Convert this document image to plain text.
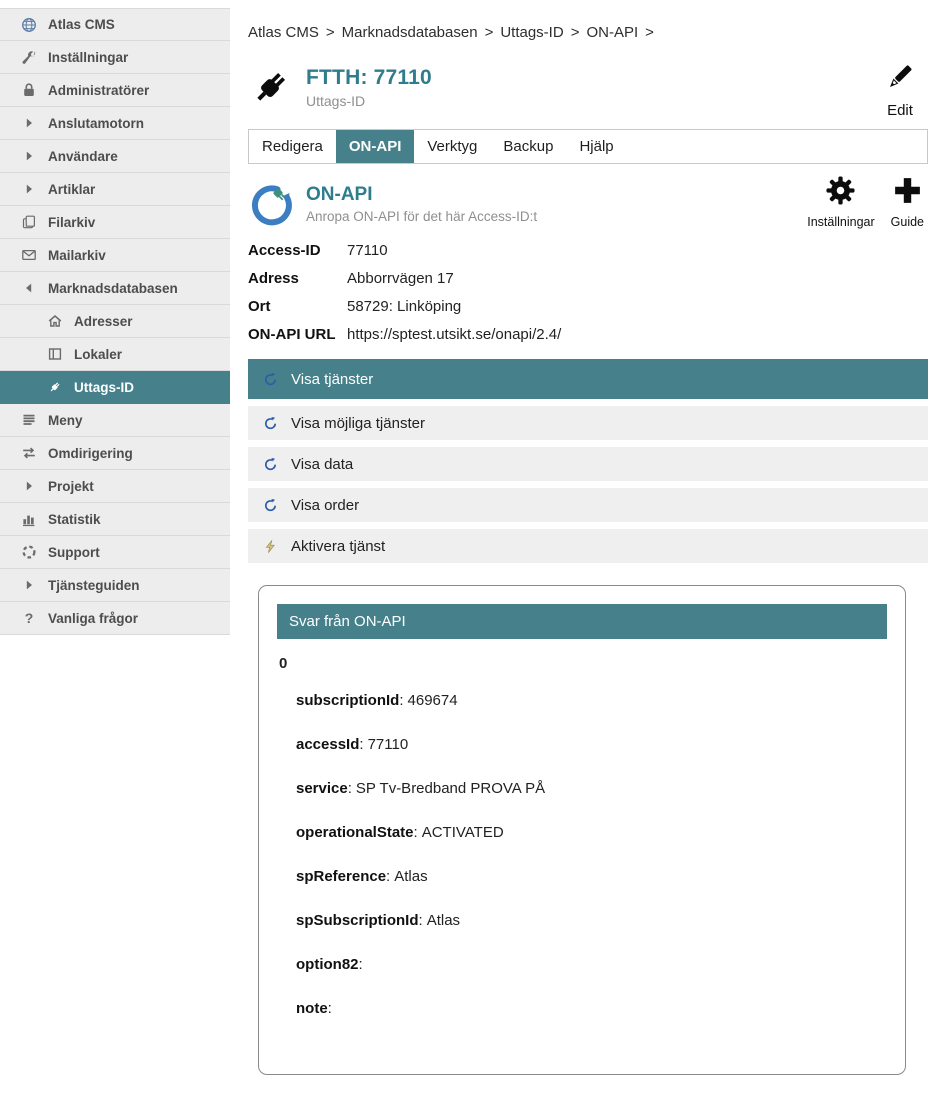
Atlas CMS
Inställningar
Administratörer
Anslutamotorn
Användare
Artiklar
Filarkiv
Mailarkiv
Marknadsdatabasen
Adresser
Lokaler
Uttags-ID
Meny
Omdirigering
Projekt
Statistik
Support
Tjänsteguiden
? Vanliga frågor
Atlas CMS > Marknadsdatabasen > Uttags-ID > ON-API >
FTTH: 77110
Uttags-ID
Edit
Redigera	ON-API	Verktyg	Backup	Hjälp
ON-API
Anropa ON-API för det här Access-ID:t	Inställningar Guide
Access-ID	77110
Adress	Abborrvägen 17
Ort	58729: Linköping
ON-API URL https://sptest.utsikt.se/onapi/2.4/
Visa tjänster
Visa möjliga tjänster
Visa data
Visa order
Aktivera tjänst
Svar från ON-API
0
subscriptionId: 469674
accessId: 77110
service: SP Tv-Bredband PROVA PÅ
operationalState: ACTIVATED
spReference: Atlas
spSubscriptionId: Atlas
option82:
note:
